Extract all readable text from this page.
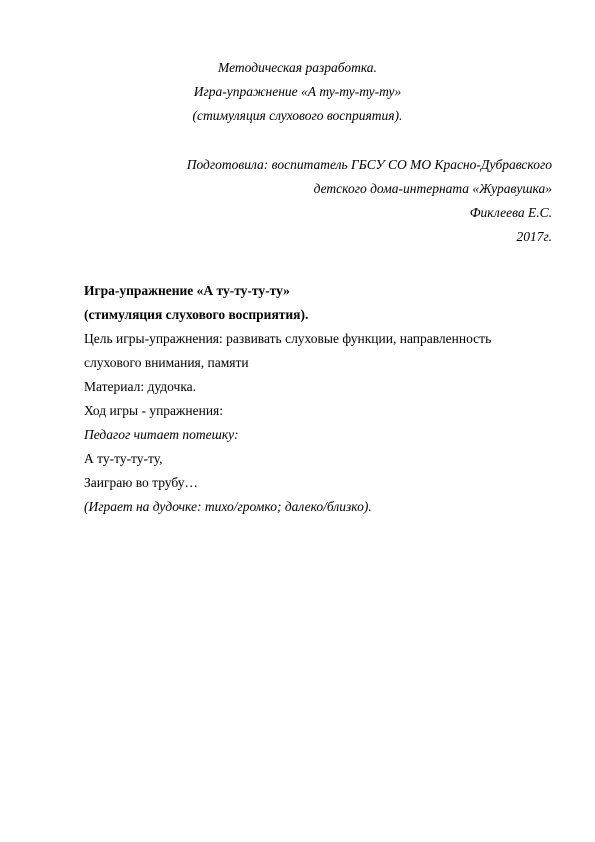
Методическая разработка.
Игра-упражнение «А ту-ту-ту-ту»
(стимуляция слухового восприятия).
Подготовила: воспитатель ГБСУ СО МО Красно-Дубравского
детского дома-интерната «Журавушка»
Фиклеева Е.С.
2017г.
Игра-упражнение «А ту-ту-ту-ту»
(стимуляция слухового восприятия).
Цель игры-упражнения: развивать слуховые функции, направленность
слухового внимания, памяти
Материал: дудочка.
Ход игры - упражнения:
Педагог читает потешку:
А ту-ту-ту-ту,
Заиграю во трубу…
(Играет на дудочке: тихо/громко; далеко/близко).
